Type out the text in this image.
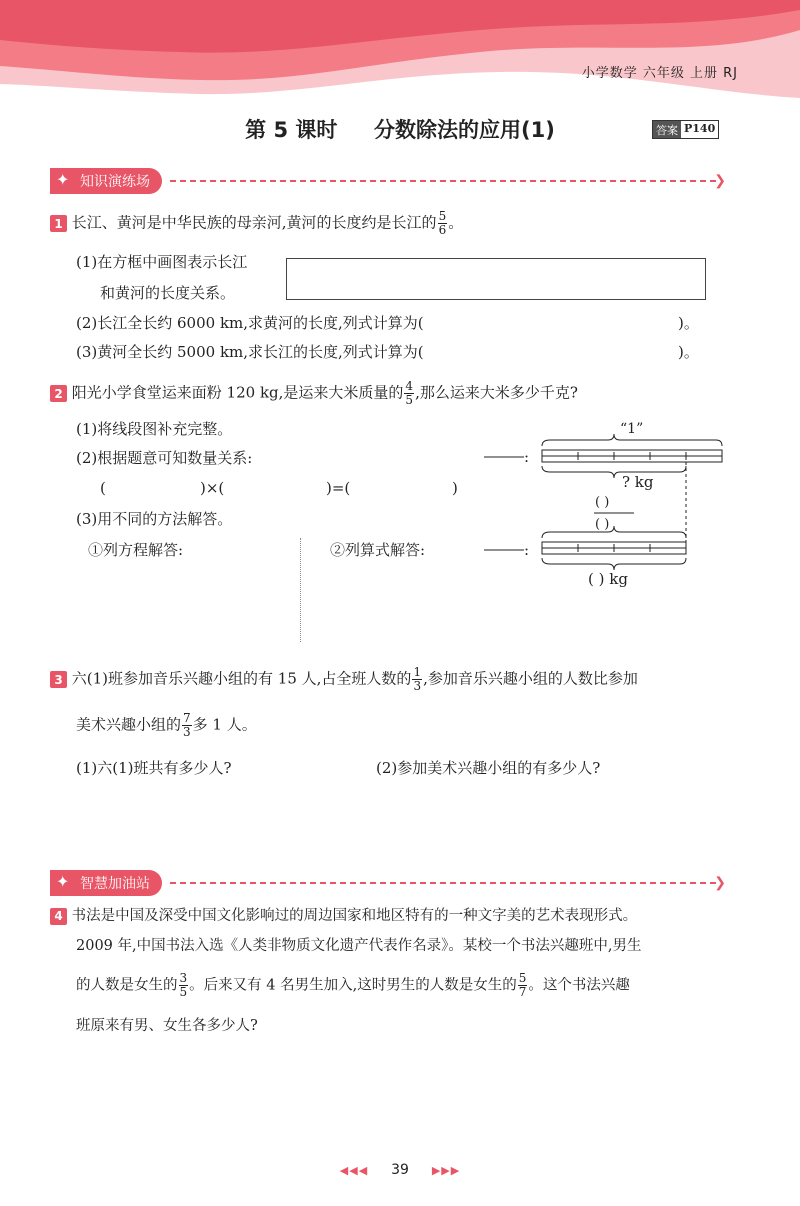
小学数学 六年级 上册 RJ
第 5 课时 分数除法的应用(1)	答案 P140
✦ 知识演练场	❯
1 长江、黄河是中华民族的母亲河,黄河的长度约是长江的 $\frac{5}{6}$ 。
(1)在方框中画图表示长江
和黄河的长度关系。
(2)长江全长约 6000 km,求黄河的长度,列式计算为(	)。
(3)黄河全长约 5000 km,求长江的长度,列式计算为(	)。
2 阳光小学食堂运来面粉 120 kg,是运来大米质量的 $\frac{4}{5}$ ,那么运来大米多少千克?
(1)将线段图补充完整。
(2)根据题意可知数量关系:
(	)×(	)=(	)
(3)用不同的方法解答。
①列方程解答:	②列算式解答:
“1”
:
? kg
( )
( )
:
( ) kg
3 六(1)班参加音乐兴趣小组的有 15 人,占全班人数的 $\frac{1}{3}$ ,参加音乐兴趣小组的人数比参加
美术兴趣小组的 $\frac{7}{3}$ 多 1 人。
(1)六(1)班共有多少人?	(2)参加美术兴趣小组的有多少人?
✦ 智慧加油站	❯
4 书法是中国及深受中国文化影响过的周边国家和地区特有的一种文字美的艺术表现形式。
2009 年,中国书法入选《人类非物质文化遗产代表作名录》。某校一个书法兴趣班中,男生
的人数是女生的 $\frac{3}{5}$ 。后来又有 4 名男生加入,这时男生的人数是女生的 $\frac{5}{7}$ 。这个书法兴趣
班原来有男、女生各多少人?
◀◀◀ 39 ▶▶▶
